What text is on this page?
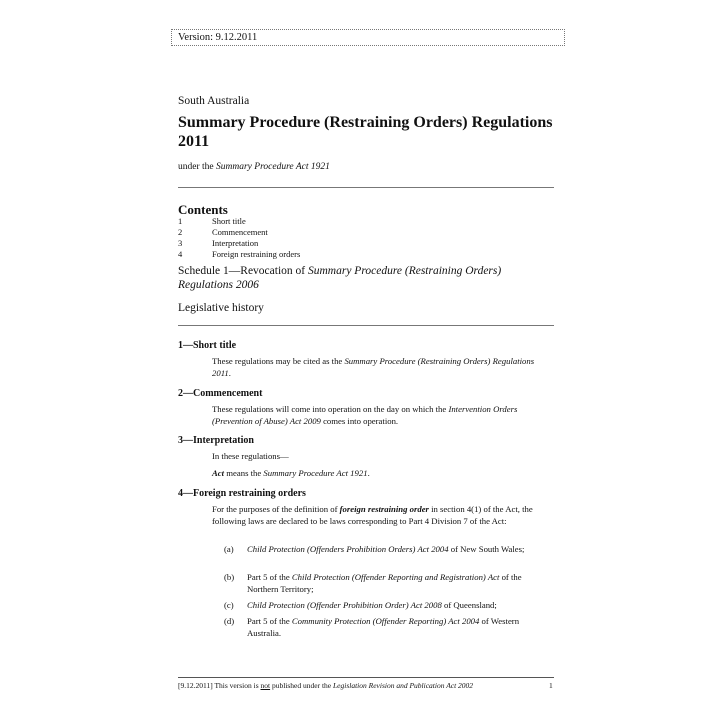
Version: 9.12.2011
South Australia
Summary Procedure (Restraining Orders) Regulations 2011
under the Summary Procedure Act 1921
Contents
1	Short title
2	Commencement
3	Interpretation
4	Foreign restraining orders
Schedule 1—Revocation of Summary Procedure (Restraining Orders) Regulations 2006
Legislative history
1—Short title
These regulations may be cited as the Summary Procedure (Restraining Orders) Regulations 2011.
2—Commencement
These regulations will come into operation on the day on which the Intervention Orders (Prevention of Abuse) Act 2009 comes into operation.
3—Interpretation
In these regulations—
Act means the Summary Procedure Act 1921.
4—Foreign restraining orders
For the purposes of the definition of foreign restraining order in section 4(1) of the Act, the following laws are declared to be laws corresponding to Part 4 Division 7 of the Act:
(a) Child Protection (Offenders Prohibition Orders) Act 2004 of New South Wales;
(b) Part 5 of the Child Protection (Offender Reporting and Registration) Act of the Northern Territory;
(c) Child Protection (Offender Prohibition Order) Act 2008 of Queensland;
(d) Part 5 of the Community Protection (Offender Reporting) Act 2004 of Western Australia.
[9.12.2011] This version is not published under the Legislation Revision and Publication Act 2002	1
